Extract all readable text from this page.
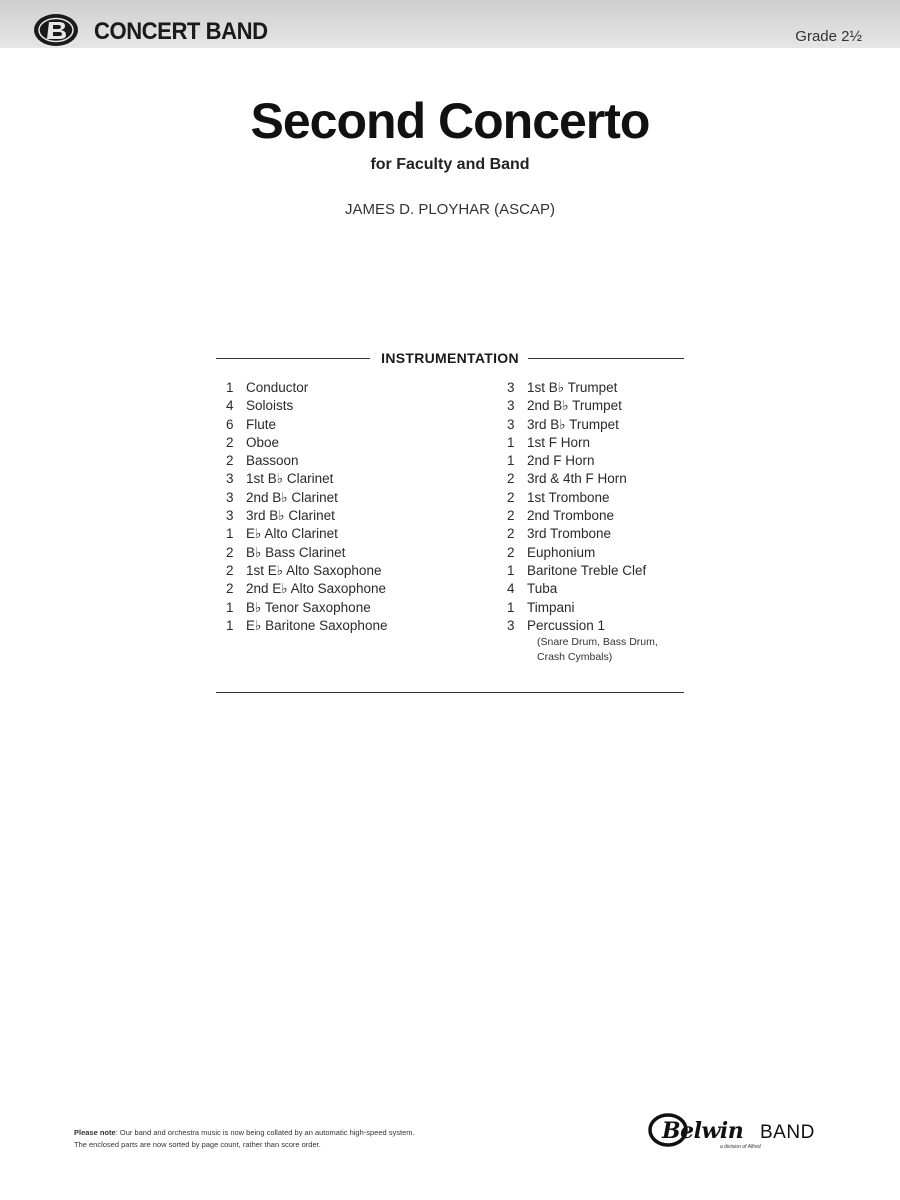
CONCERT BAND	Grade 2½
Second Concerto
for Faculty and Band
JAMES D. PLOYHAR (ASCAP)
INSTRUMENTATION
1 Conductor
4 Soloists
6 Flute
2 Oboe
2 Bassoon
3 1st B♭ Clarinet
3 2nd B♭ Clarinet
3 3rd B♭ Clarinet
1 E♭ Alto Clarinet
2 B♭ Bass Clarinet
2 1st E♭ Alto Saxophone
2 2nd E♭ Alto Saxophone
1 B♭ Tenor Saxophone
1 E♭ Baritone Saxophone
3 1st B♭ Trumpet
3 2nd B♭ Trumpet
3 3rd B♭ Trumpet
1 1st F Horn
1 2nd F Horn
2 3rd & 4th F Horn
2 1st Trombone
2 2nd Trombone
2 3rd Trombone
2 Euphonium
1 Baritone Treble Clef
4 Tuba
1 Timpani
3 Percussion 1
(Snare Drum, Bass Drum,
Crash Cymbals)
Please note: Our band and orchestra music is now being collated by an automatic high-speed system.
The enclosed parts are now sorted by page count, rather than score order.
Belwin BAND
a division of Alfred
